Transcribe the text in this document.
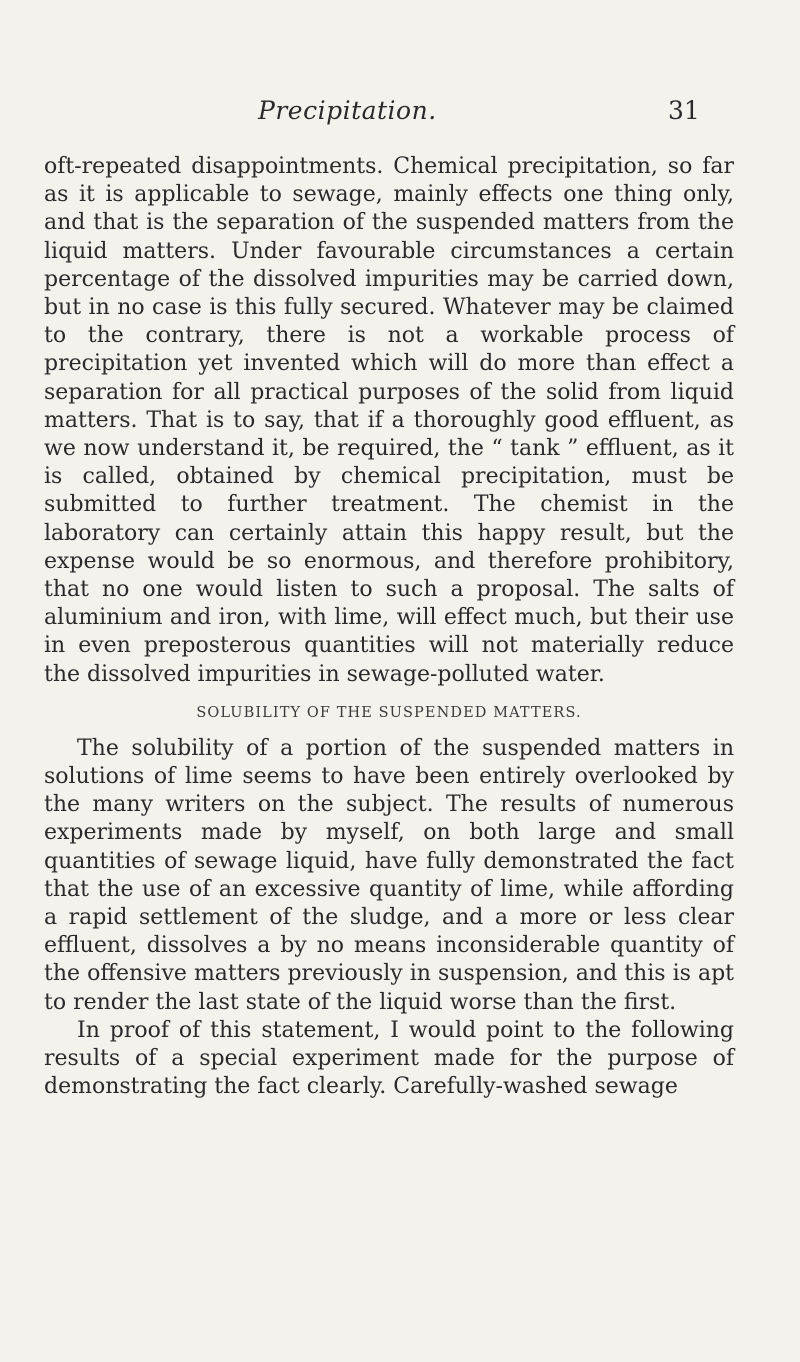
Precipitation.	31

oft-repeated disappointments. Chemical precipitation, so far as it is applicable to sewage, mainly effects one thing only, and that is the separation of the suspended matters from the liquid matters. Under favourable circumstances a certain percentage of the dissolved impurities may be carried down, but in no case is this fully secured. Whatever may be claimed to the contrary, there is not a workable process of precipitation yet invented which will do more than effect a separation for all practical purposes of the solid from liquid matters. That is to say, that if a thoroughly good effluent, as we now understand it, be required, the “ tank ” effluent, as it is called, obtained by chemical precipitation, must be submitted to further treatment. The chemist in the laboratory can certainly attain this happy result, but the expense would be so enormous, and therefore prohibitory, that no one would listen to such a proposal. The salts of aluminium and iron, with lime, will effect much, but their use in even preposterous quantities will not materially reduce the dissolved impurities in sewage-polluted water.

SOLUBILITY OF THE SUSPENDED MATTERS.

The solubility of a portion of the suspended matters in solutions of lime seems to have been entirely overlooked by the many writers on the subject. The results of numerous experiments made by myself, on both large and small quantities of sewage liquid, have fully demonstrated the fact that the use of an excessive quantity of lime, while affording a rapid settlement of the sludge, and a more or less clear effluent, dissolves a by no means inconsiderable quantity of the offensive matters previously in suspension, and this is apt to render the last state of the liquid worse than the first.

In proof of this statement, I would point to the following results of a special experiment made for the purpose of demonstrating the fact clearly. Carefully-washed sewage
